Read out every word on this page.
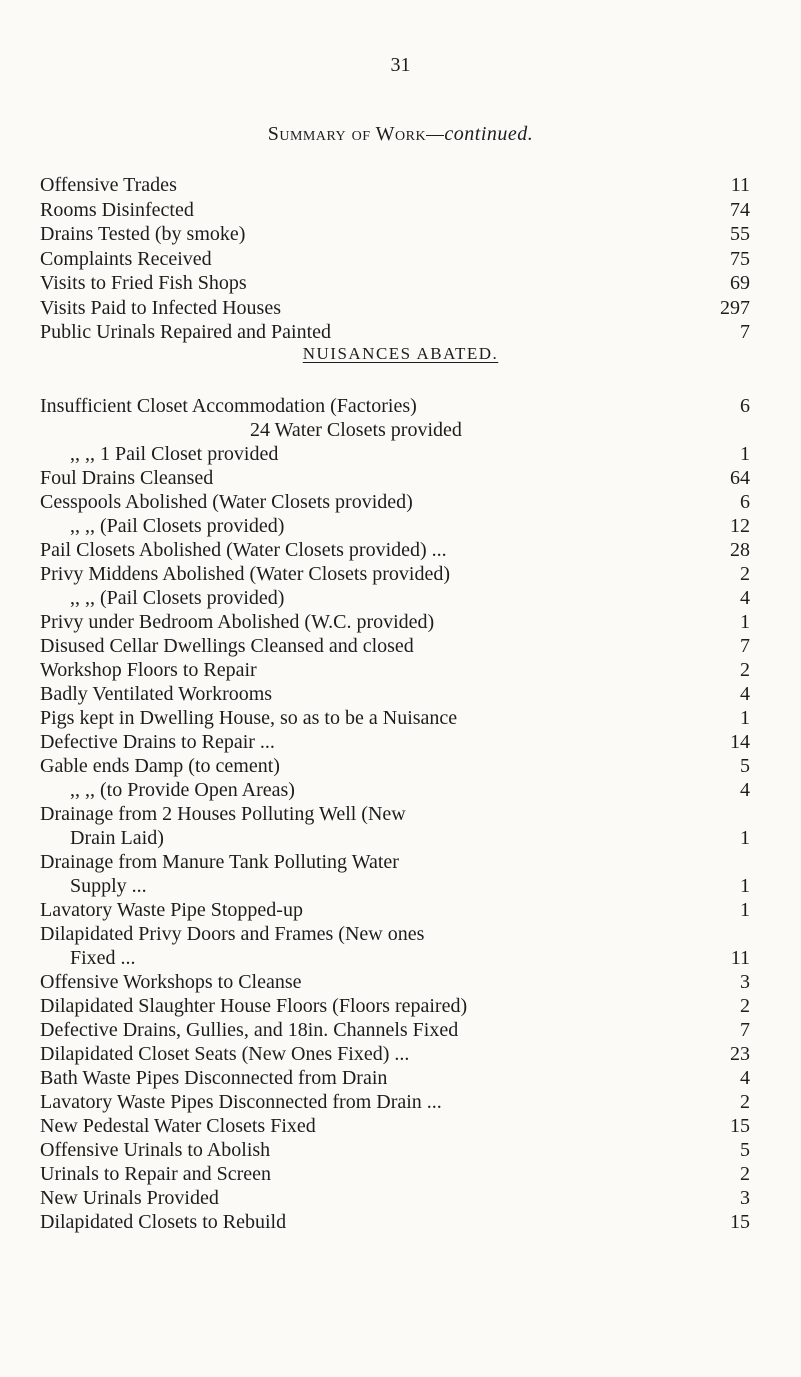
31
Summary of Work—continued.
Offensive Trades	11
Rooms Disinfected	74
Drains Tested (by smoke)	55
Complaints Received	75
Visits to Fried Fish Shops	69
Visits Paid to Infected Houses	297
Public Urinals Repaired and Painted	7
NUISANCES ABATED.
Insufficient Closet Accommodation (Factories)	6
24 Water Closets provided
,, ,, 1 Pail Closet provided	1
Foul Drains Cleansed	64
Cesspools Abolished (Water Closets provided)	6
,, ,, (Pail Closets provided)	12
Pail Closets Abolished (Water Closets provided) ...	28
Privy Middens Abolished (Water Closets provided)	2
,, ,, (Pail Closets provided)	4
Privy under Bedroom Abolished (W.C. provided)	1
Disused Cellar Dwellings Cleansed and closed	7
Workshop Floors to Repair	2
Badly Ventilated Workrooms	4
Pigs kept in Dwelling House, so as to be a Nuisance	1
Defective Drains to Repair ...	14
Gable ends Damp (to cement)	5
,, ,, (to Provide Open Areas)	4
Drainage from 2 Houses Polluting Well (New
Drain Laid)	1
Drainage from Manure Tank Polluting Water
Supply ...	1
Lavatory Waste Pipe Stopped-up	1
Dilapidated Privy Doors and Frames (New ones
Fixed ...	11
Offensive Workshops to Cleanse	3
Dilapidated Slaughter House Floors (Floors repaired)	2
Defective Drains, Gullies, and 18in. Channels Fixed	7
Dilapidated Closet Seats (New Ones Fixed) ...	23
Bath Waste Pipes Disconnected from Drain	4
Lavatory Waste Pipes Disconnected from Drain ...	2
New Pedestal Water Closets Fixed	15
Offensive Urinals to Abolish	5
Urinals to Repair and Screen	2
New Urinals Provided	3
Dilapidated Closets to Rebuild	15
